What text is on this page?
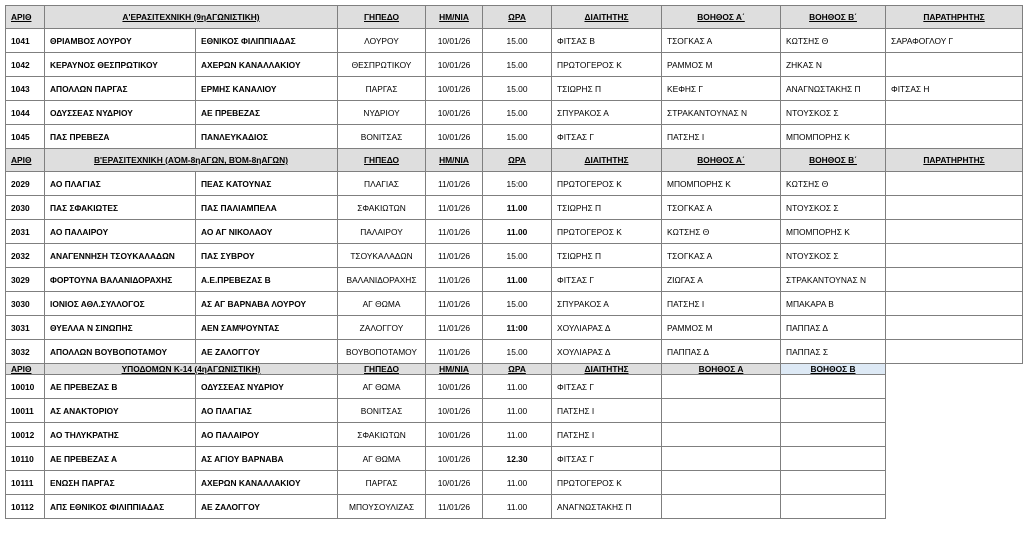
ΑΡΙΘ	Α'ΕΡΑΣΙΤΕΧΝΙΚΗ (9ηΑΓΩΝΙΣΤΙΚΗ)		ΓΗΠΕΔΟ	ΗΜ/ΝΙΑ	ΩΡΑ	ΔΙΑΙΤΗΤΗΣ	ΒΟΗΘΟΣ Α΄	ΒΟΗΘΟΣ Β΄	ΠΑΡΑΤΗΡΗΤΗΣ
1041	ΘΡΙΑΜΒΟΣ ΛΟΥΡΟΥ	ΕΘΝΙΚΟΣ ΦΙΛΙΠΠΙΑΔΑΣ	ΛΟΥΡΟΥ	10/01/26	15.00	ΦΙΤΣΑΣ Β	ΤΣΟΓΚΑΣ Α	ΚΩΤΣΗΣ Θ	ΣΑΡΑΦΟΓΛΟΥ Γ
1042	ΚΕΡΑΥΝΟΣ ΘΕΣΠΡΩΤΙΚΟΥ	ΑΧΕΡΩΝ ΚΑΝΑΛΛΑΚΙΟΥ	ΘΕΣΠΡΩΤΙΚΟΥ	10/01/26	15.00	ΠΡΩΤΟΓΕΡΟΣ Κ	ΡΑΜΜΟΣ Μ	ΖΗΚΑΣ Ν	
1043	ΑΠΟΛΛΩΝ ΠΑΡΓΑΣ	ΕΡΜΗΣ ΚΑΝΑΛΙΟΥ	ΠΑΡΓΑΣ	10/01/26	15.00	ΤΣΙΩΡΗΣ Π	ΚΕΦΗΣ Γ	ΑΝΑΓΝΩΣΤΑΚΗΣ Π	ΦΙΤΣΑΣ Η
1044	ΟΔΥΣΣΕΑΣ ΝΥΔΡΙΟΥ	ΑΕ ΠΡΕΒΕΖΑΣ	ΝΥΔΡΙΟΥ	10/01/26	15.00	ΣΠΥΡΑΚΟΣ Α	ΣΤΡΑΚΑΝΤΟΥΝΑΣ Ν	ΝΤΟΥΣΚΟΣ Σ	
1045	ΠΑΣ ΠΡΕΒΕΖΑ	ΠΑΝΛΕΥΚΑΔΙΟΣ	ΒΟΝΙΤΣΑΣ	10/01/26	15.00	ΦΙΤΣΑΣ Γ	ΠΑΤΣΗΣ Ι	ΜΠΟΜΠΟΡΗΣ Κ	
ΑΡΙΘ	Β'ΕΡΑΣΙΤΕΧΝΙΚΗ (ΑΌΜ-8ηΑΓΩΝ, ΒΌΜ-8ηΑΓΩΝ)		ΓΗΠΕΔΟ	ΗΜ/ΝΙΑ	ΩΡΑ	ΔΙΑΙΤΗΤΗΣ	ΒΟΗΘΟΣ Α΄	ΒΟΗΘΟΣ Β΄	ΠΑΡΑΤΗΡΗΤΗΣ
2029	ΑΟ ΠΛΑΓΙΑΣ	ΠΕΑΣ ΚΑΤΟΥΝΑΣ	ΠΛΑΓΙΑΣ	11/01/26	15:00	ΠΡΩΤΟΓΕΡΟΣ Κ	ΜΠΟΜΠΟΡΗΣ Κ	ΚΩΤΣΗΣ Θ	
2030	ΠΑΣ ΣΦΑΚΙΩΤΕΣ	ΠΑΣ ΠΑΛΙΑΜΠΕΛΑ	ΣΦΑΚΙΩΤΩΝ	11/01/26	11.00	ΤΣΙΩΡΗΣ Π	ΤΣΟΓΚΑΣ Α	ΝΤΟΥΣΚΟΣ Σ	
2031	ΑΟ ΠΑΛΑΙΡΟΥ	ΑΟ ΑΓ ΝΙΚΟΛΑΟΥ	ΠΑΛΑΙΡΟΥ	11/01/26	11.00	ΠΡΩΤΟΓΕΡΟΣ Κ	ΚΩΤΣΗΣ Θ	ΜΠΟΜΠΟΡΗΣ Κ	
2032	ΑΝΑΓΕΝΝΗΣΗ ΤΣΟΥΚΑΛΑΔΩΝ	ΠΑΣ ΣΥΒΡΟΥ	ΤΣΟΥΚΑΛΑΔΩΝ	11/01/26	15.00	ΤΣΙΩΡΗΣ Π	ΤΣΟΓΚΑΣ Α	ΝΤΟΥΣΚΟΣ Σ	
3029	ΦΟΡΤΟΥΝΑ ΒΑΛΑΝΙΔΟΡΑΧΗΣ	Α.Ε.ΠΡΕΒΕΖΑΣ Β	ΒΑΛΑΝΙΔΟΡΑΧΗΣ	11/01/26	11.00	ΦΙΤΣΑΣ Γ	ΖΙΩΓΑΣ Α	ΣΤΡΑΚΑΝΤΟΥΝΑΣ Ν	
3030	ΙΟΝΙΟΣ ΑΘΛ.ΣΥΛΛΟΓΟΣ	ΑΣ ΑΓ ΒΑΡΝΑΒΑ ΛΟΥΡΟΥ	ΑΓ ΘΩΜΑ	11/01/26	15.00	ΣΠΥΡΑΚΟΣ Α	ΠΑΤΣΗΣ Ι	ΜΠΑΚΑΡΑ Β	
3031	ΘΥΕΛΛΑ Ν ΣΙΝΩΠΗΣ	ΑΕΝ ΣΑΜΨΟΥΝΤΑΣ	ΖΑΛΟΓΓΟΥ	11/01/26	11:00	ΧΟΥΛΙΑΡΑΣ Δ	ΡΑΜΜΟΣ Μ	ΠΑΠΠΑΣ Δ	
3032	ΑΠΟΛΛΩΝ ΒΟΥΒΟΠΟΤΑΜΟΥ	ΑΕ ΖΑΛΟΓΓΟΥ	ΒΟΥΒΟΠΟΤΑΜΟΥ	11/01/26	15.00	ΧΟΥΛΙΑΡΑΣ Δ	ΠΑΠΠΑΣ Δ	ΠΑΠΠΑΣ Σ	
ΑΡΙΘ	ΥΠΟΔΟΜΩΝ Κ-14 (4ηΑΓΩΝΙΣΤΙΚΗ)		ΓΗΠΕΔΟ	ΗΜ/ΝΙΑ	ΩΡΑ	ΔΙΑΙΤΗΤΗΣ	ΒΟΗΘΟΣ Α	ΒΟΗΘΟΣ Β	
10010	ΑΕ ΠΡΕΒΕΖΑΣ Β	ΟΔΥΣΣΕΑΣ ΝΥΔΡΙΟΥ	ΑΓ ΘΩΜΑ	10/01/26	11.00	ΦΙΤΣΑΣ Γ			
10011	ΑΣ ΑΝΑΚΤΟΡΙΟΥ	ΑΟ ΠΛΑΓΙΑΣ	ΒΟΝΙΤΣΑΣ	10/01/26	11.00	ΠΑΤΣΗΣ Ι			
10012	ΑΟ ΤΗΛΥΚΡΑΤΗΣ	ΑΟ ΠΑΛΑΙΡΟΥ	ΣΦΑΚΙΩΤΩΝ	10/01/26	11.00	ΠΑΤΣΗΣ Ι			
10110	ΑΕ ΠΡΕΒΕΖΑΣ Α	ΑΣ ΑΓΙΟΥ ΒΑΡΝΑΒΑ	ΑΓ ΘΩΜΑ	10/01/26	12.30	ΦΙΤΣΑΣ Γ			
10111	ΕΝΩΣΗ ΠΑΡΓΑΣ	ΑΧΕΡΩΝ ΚΑΝΑΛΛΑΚΙΟΥ	ΠΑΡΓΑΣ	10/01/26	11.00	ΠΡΩΤΟΓΕΡΟΣ Κ			
10112	ΑΠΣ ΕΘΝΙΚΟΣ ΦΙΛΙΠΠΙΑΔΑΣ	ΑΕ ΖΑΛΟΓΓΟΥ	ΜΠΟΥΣΟΥΛΙΖΑΣ	11/01/26	11.00	ΑΝΑΓΝΩΣΤΑΚΗΣ Π			
